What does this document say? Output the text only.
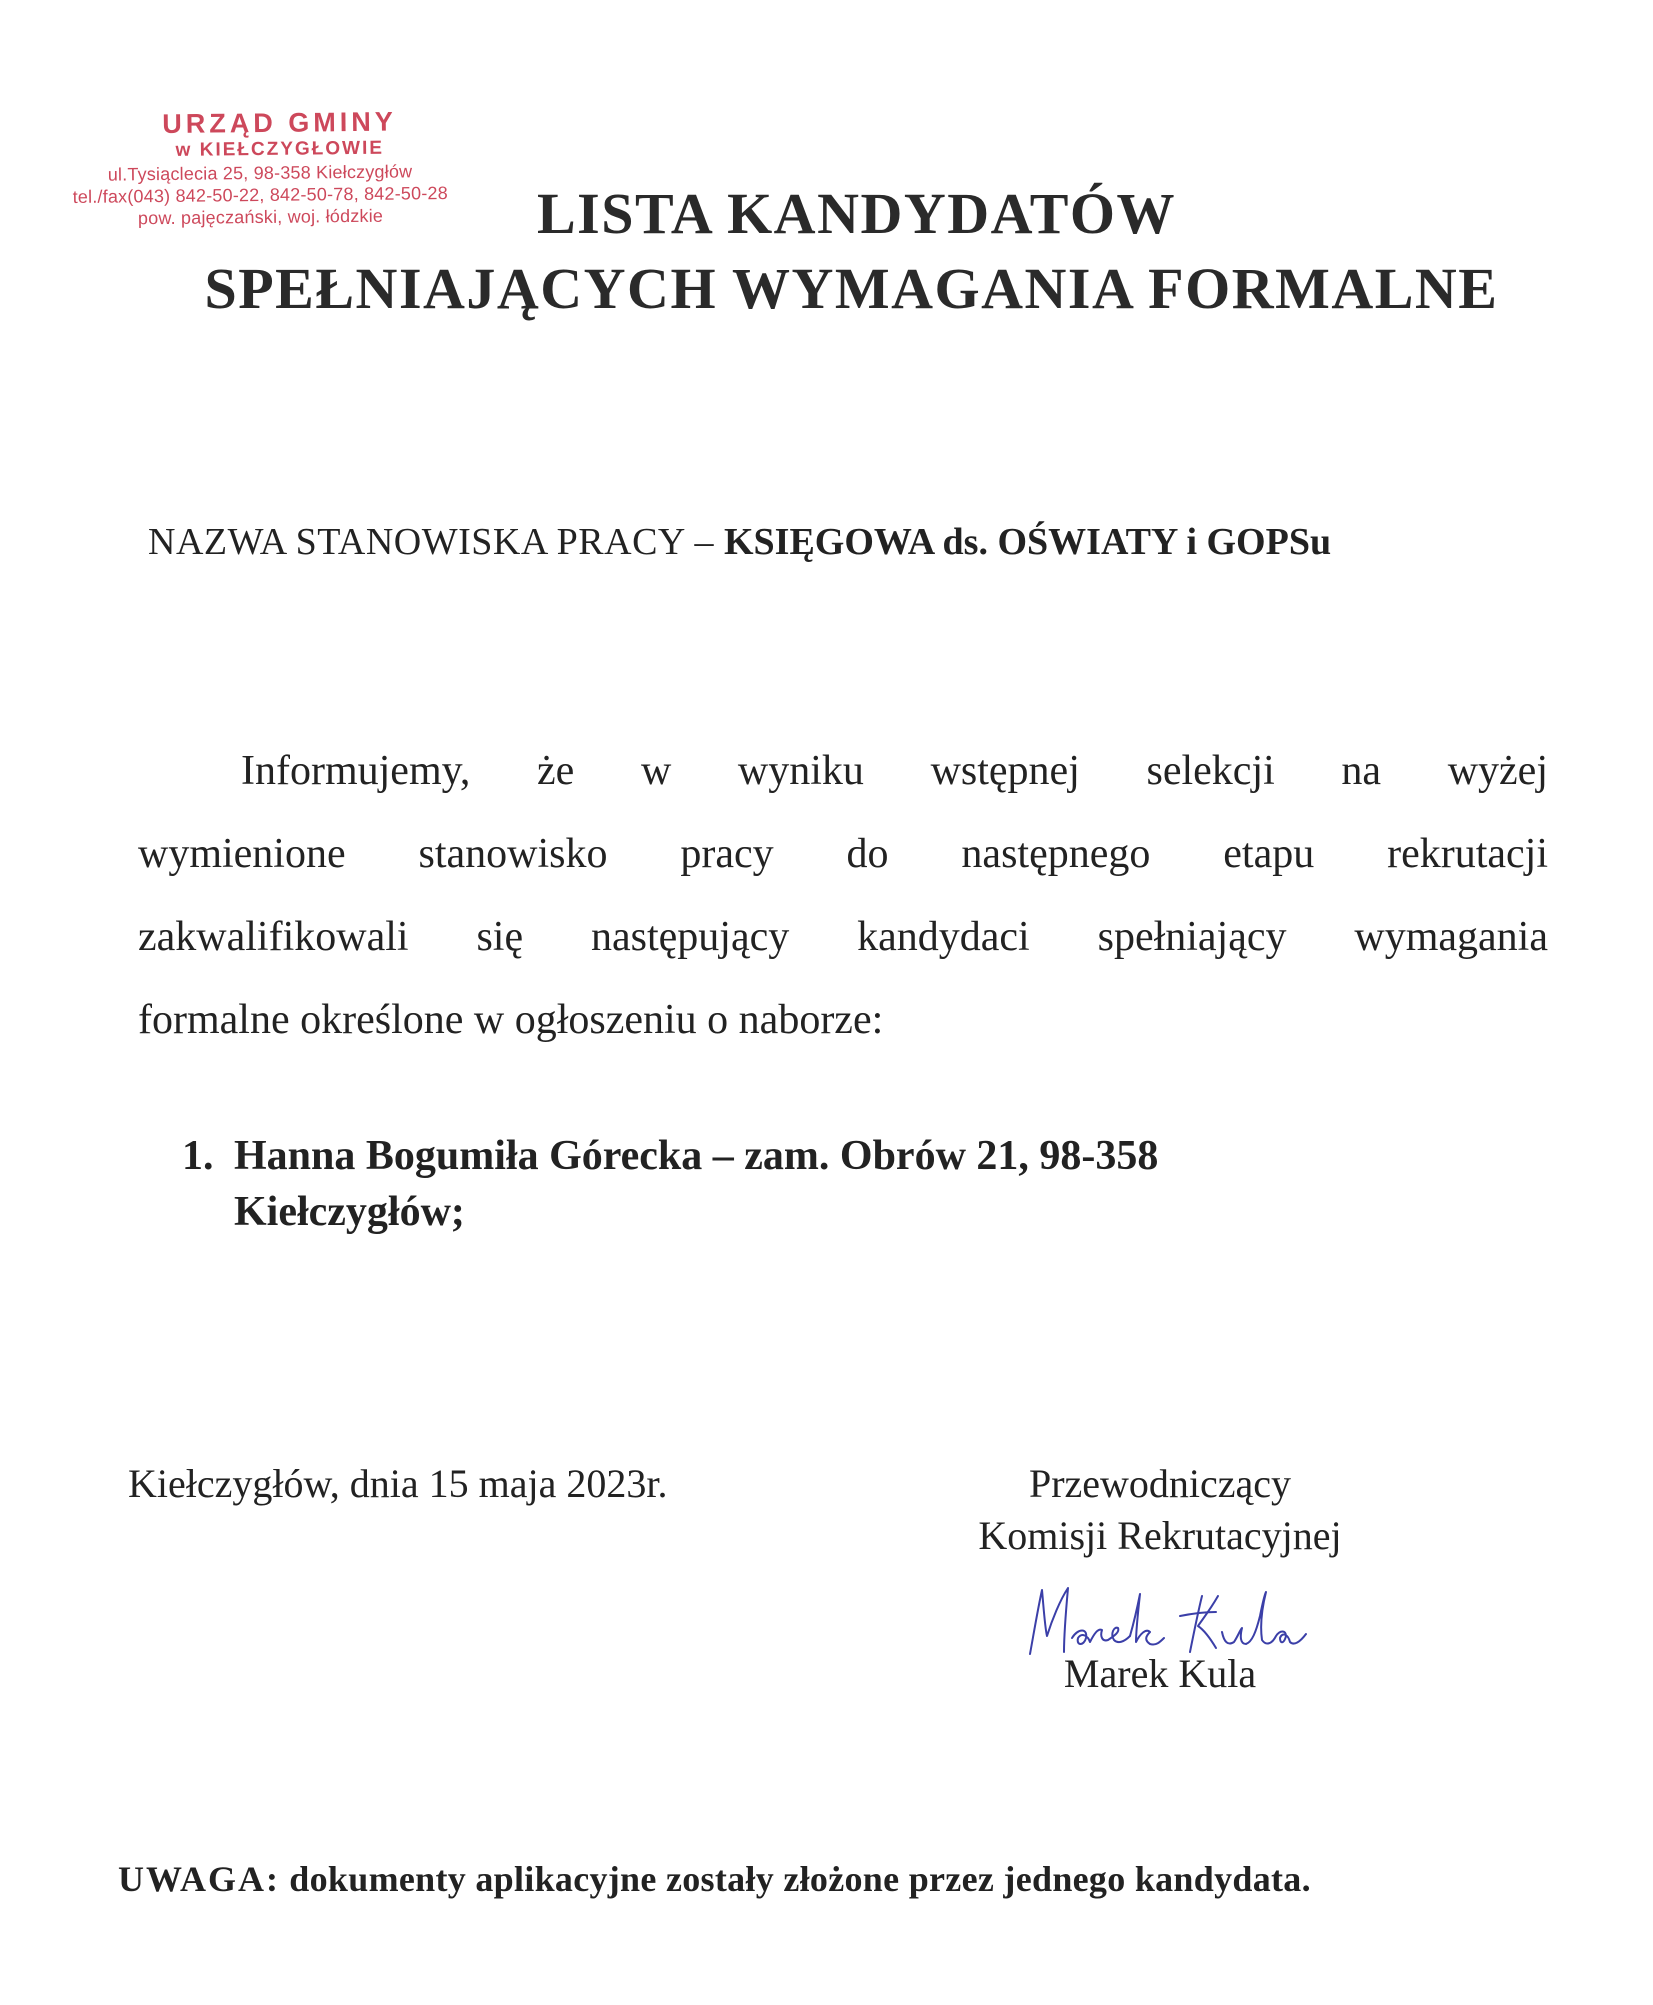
URZĄD GMINY
w KIEŁCZYGŁOWIE
ul.Tysiąclecia 25, 98-358 Kiełczygłów
tel./fax(043) 842-50-22, 842-50-78, 842-50-28
pow. pajęczański, woj. łódzkie	LISTA KANDYDATÓW
SPEŁNIAJĄCYCH WYMAGANIA FORMALNE
NAZWA STANOWISKA PRACY – KSIĘGOWA ds. OŚWIATY i GOPSu
Informujemy, że w wyniku wstępnej selekcji na wyżej
wymienione stanowisko pracy do następnego etapu rekrutacji
zakwalifikowali się następujący kandydaci spełniający wymagania
formalne określone w ogłoszeniu o naborze:
1. Hanna Bogumiła Górecka – zam. Obrów 21, 98-358
Kiełczygłów;
Kiełczygłów, dnia 15 maja 2023r.	Przewodniczący
Komisji Rekrutacyjnej
Marek Kula
UWAGA: dokumenty aplikacyjne zostały złożone przez jednego kandydata.
